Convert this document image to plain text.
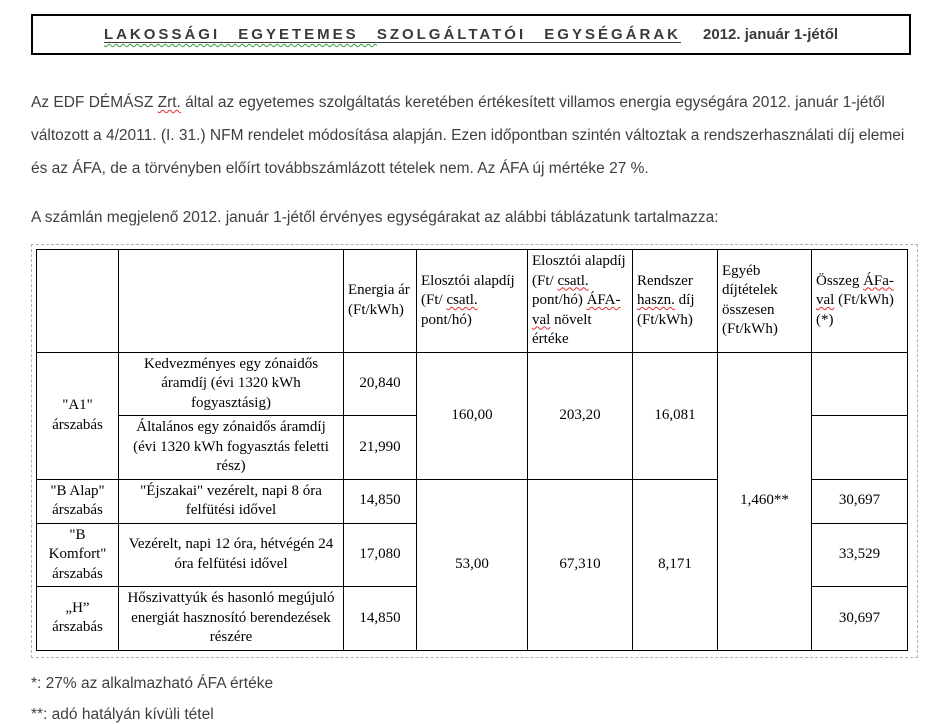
LAKOSSÁGI EGYETEMES SZOLGÁLTATÓI EGYSÉGÁRAK 2012. január 1-jétől

Az EDF DÉMÁSZ Zrt. által az egyetemes szolgáltatás keretében értékesített villamos energia egységára 2012. január 1-jétől változott a 4/2011. (I. 31.) NFM rendelet módosítása alapján. Ezen időpontban szintén változtak a rendszerhasználati díj elemei és az ÁFA, de a törvényben előírt továbbszámlázott tételek nem. Az ÁFA új mértéke 27 %.

A számlán megjelenő 2012. január 1-jétől érvényes egységárakat az alábbi táblázatunk tartalmazza:

		Energia ár (Ft/kWh)	Elosztói alapdíj (Ft/ csatl. pont/hó)	Elosztói alapdíj (Ft/ csatl. pont/hó) ÁFA-val növelt értéke	Rendszer haszn. díj (Ft/kWh)	Egyéb díjtételek összesen (Ft/kWh)	Összeg ÁFa-val (Ft/kWh)(*)
"A1" árszabás	Kedvezményes egy zónaidős áramdíj (évi 1320 kWh fogyasztásig)	20,840	160,00	203,20	16,081	1,460**	
	Általános egy zónaidős áramdíj (évi 1320 kWh fogyasztás feletti rész)	21,990					
"B Alap" árszabás	"Éjszakai" vezérelt, napi 8 óra felfütési idővel	14,850	53,00	67,310	8,171		30,697
"B Komfort" árszabás	Vezérelt, napi 12 óra, hétvégén 24 óra felfütési idővel	17,080					33,529
„H” árszabás	Hőszivattyúk és hasonló megújuló energiát hasznosító berendezések részére	14,850					30,697

*: 27% az alkalmazható ÁFA értéke

**: adó hatályán kívüli tétel
